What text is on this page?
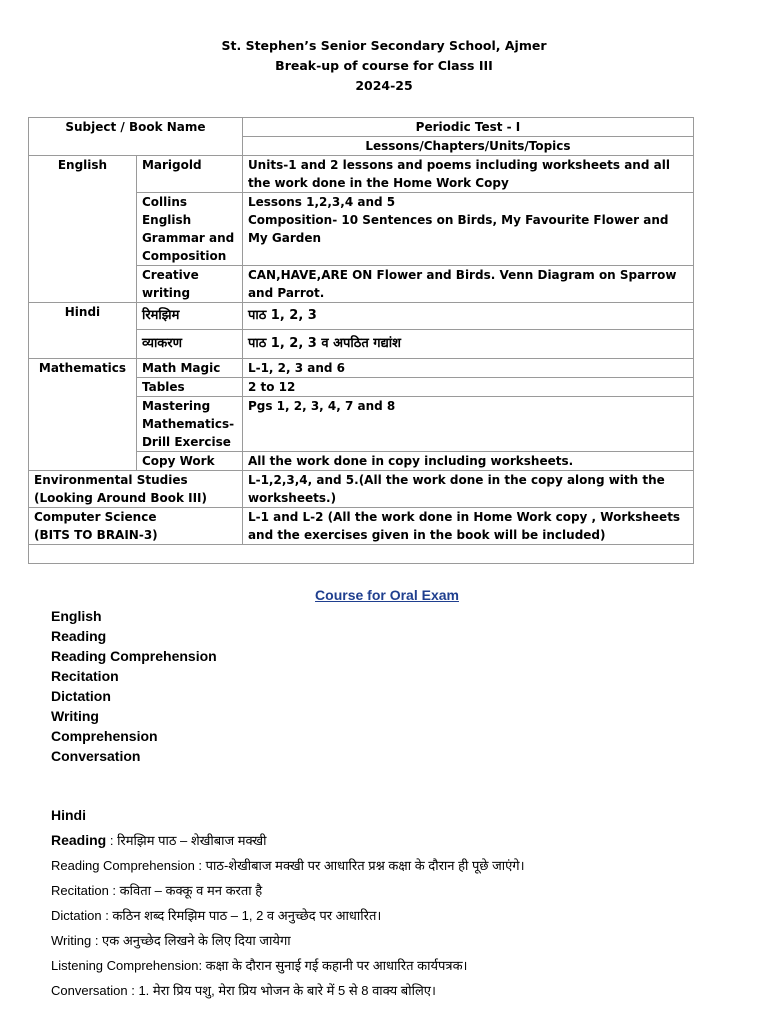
St. Stephen’s Senior Secondary School, Ajmer
Break-up of course for Class III
2024-25
Subject / Book Name		Periodic Test - I
		Lessons/Chapters/Units/Topics
English	Marigold	Units-1 and 2 lessons and poems including worksheets and all the work done in the Home Work Copy
	Collins English Grammar and Composition	Lessons 1,2,3,4 and 5
Composition- 10 Sentences on Birds, My Favourite Flower and My Garden

	Creative writing	CAN,HAVE,ARE ON Flower and Birds. Venn Diagram on Sparrow and Parrot.
Hindi	रिमझिम	पाठ 1, 2, 3
	व्याकरण	पाठ 1, 2, 3 व अपठित गद्यांश
Mathematics	Math Magic	L-1, 2, 3 and 6
	Tables	2 to 12
	Mastering Mathematics- Drill Exercise	Pgs 1, 2, 3, 4, 7 and 8
	Copy Work	All the work done in copy including worksheets.
Environmental Studies (Looking Around Book III)		L-1,2,3,4, and 5.(All the work done in the copy along with the worksheets.)

Computer Science
(BITS TO BRAIN-3)		L-1 and L-2 (All the work done in Home Work copy , Worksheets and the exercises given in the book will be included)

Course for Oral Exam
English
Reading
Reading Comprehension
Recitation
Dictation
Writing
Comprehension
Conversation
Hindi
Reading : रिमझिम पाठ – शेखीबाज मक्खी
Reading Comprehension : पाठ-शेखीबाज मक्खी पर आधारित प्रश्न कक्षा के दौरान ही पूछे जाएंगे।
Recitation : कविता – कक्कू व मन करता है
Dictation : कठिन शब्द रिमझिम पाठ – 1, 2 व अनुच्छेद पर आधारित।
Writing : एक अनुच्छेद लिखने के लिए दिया जायेगा
Listening Comprehension: कक्षा के दौरान सुनाई गई कहानी पर आधारित कार्यपत्रक।
Conversation : 1. मेरा प्रिय पशु, मेरा प्रिय भोजन के बारे में 5 से 8 वाक्य बोलिए।
